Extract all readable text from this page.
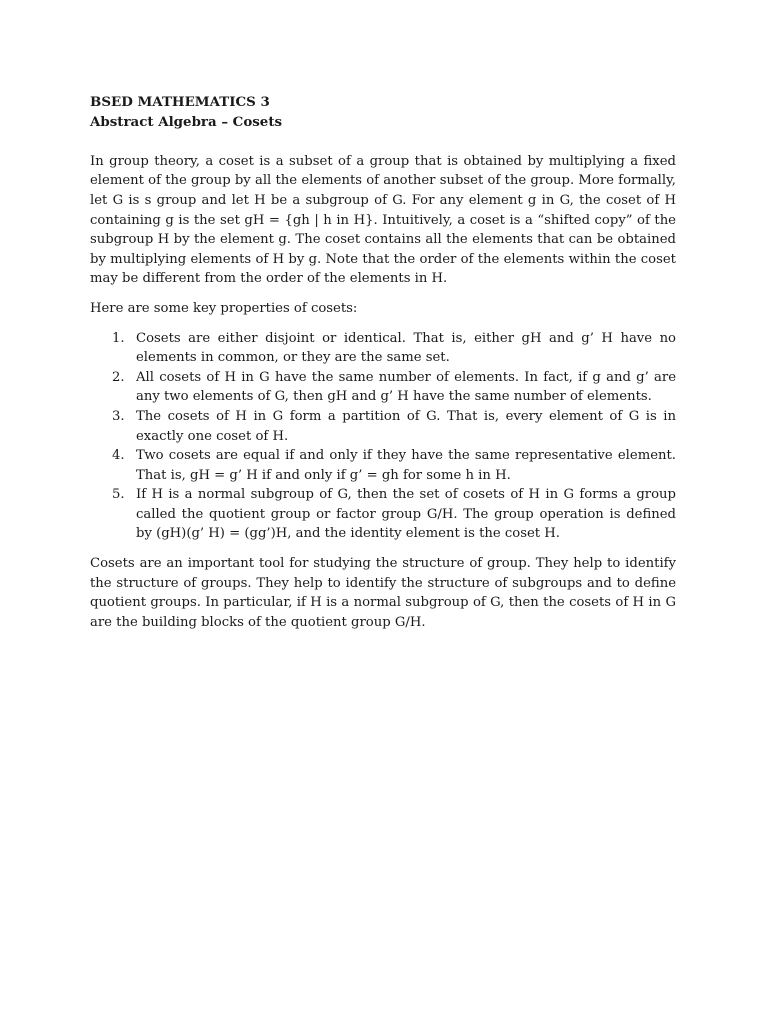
BSED MATHEMATICS 3

Abstract Algebra – Cosets

In group theory, a coset is a subset of a group that is obtained by multiplying a fixed element of the group by all the elements of another subset of the group. More formally, let G is s group and let H be a subgroup of G. For any element g in G, the coset of H containing g is the set gH = {gh | h in H}. Intuitively, a coset is a “shifted copy” of the subgroup H by the element g. The coset contains all the elements that can be obtained by multiplying elements of H by g. Note that the order of the elements within the coset may be different from the order of the elements in H.

Here are some key properties of cosets:

1. Cosets are either disjoint or identical. That is, either gH and g’ H have no elements in common, or they are the same set.
2. All cosets of H in G have the same number of elements. In fact, if g and g’ are any two elements of G, then gH and g’ H have the same number of elements.
3. The cosets of H in G form a partition of G. That is, every element of G is in exactly one coset of H.
4. Two cosets are equal if and only if they have the same representative element. That is, gH = g’ H if and only if g’ = gh for some h in H.
5. If H is a normal subgroup of G, then the set of cosets of H in G forms a group called the quotient group or factor group G/H. The group operation is defined by (gH)(g’ H) = (gg’)H, and the identity element is the coset H.

Cosets are an important tool for studying the structure of group. They help to identify the structure of groups. They help to identify the structure of subgroups and to define quotient groups. In particular, if H is a normal subgroup of G, then the cosets of H in G are the building blocks of the quotient group G/H.
